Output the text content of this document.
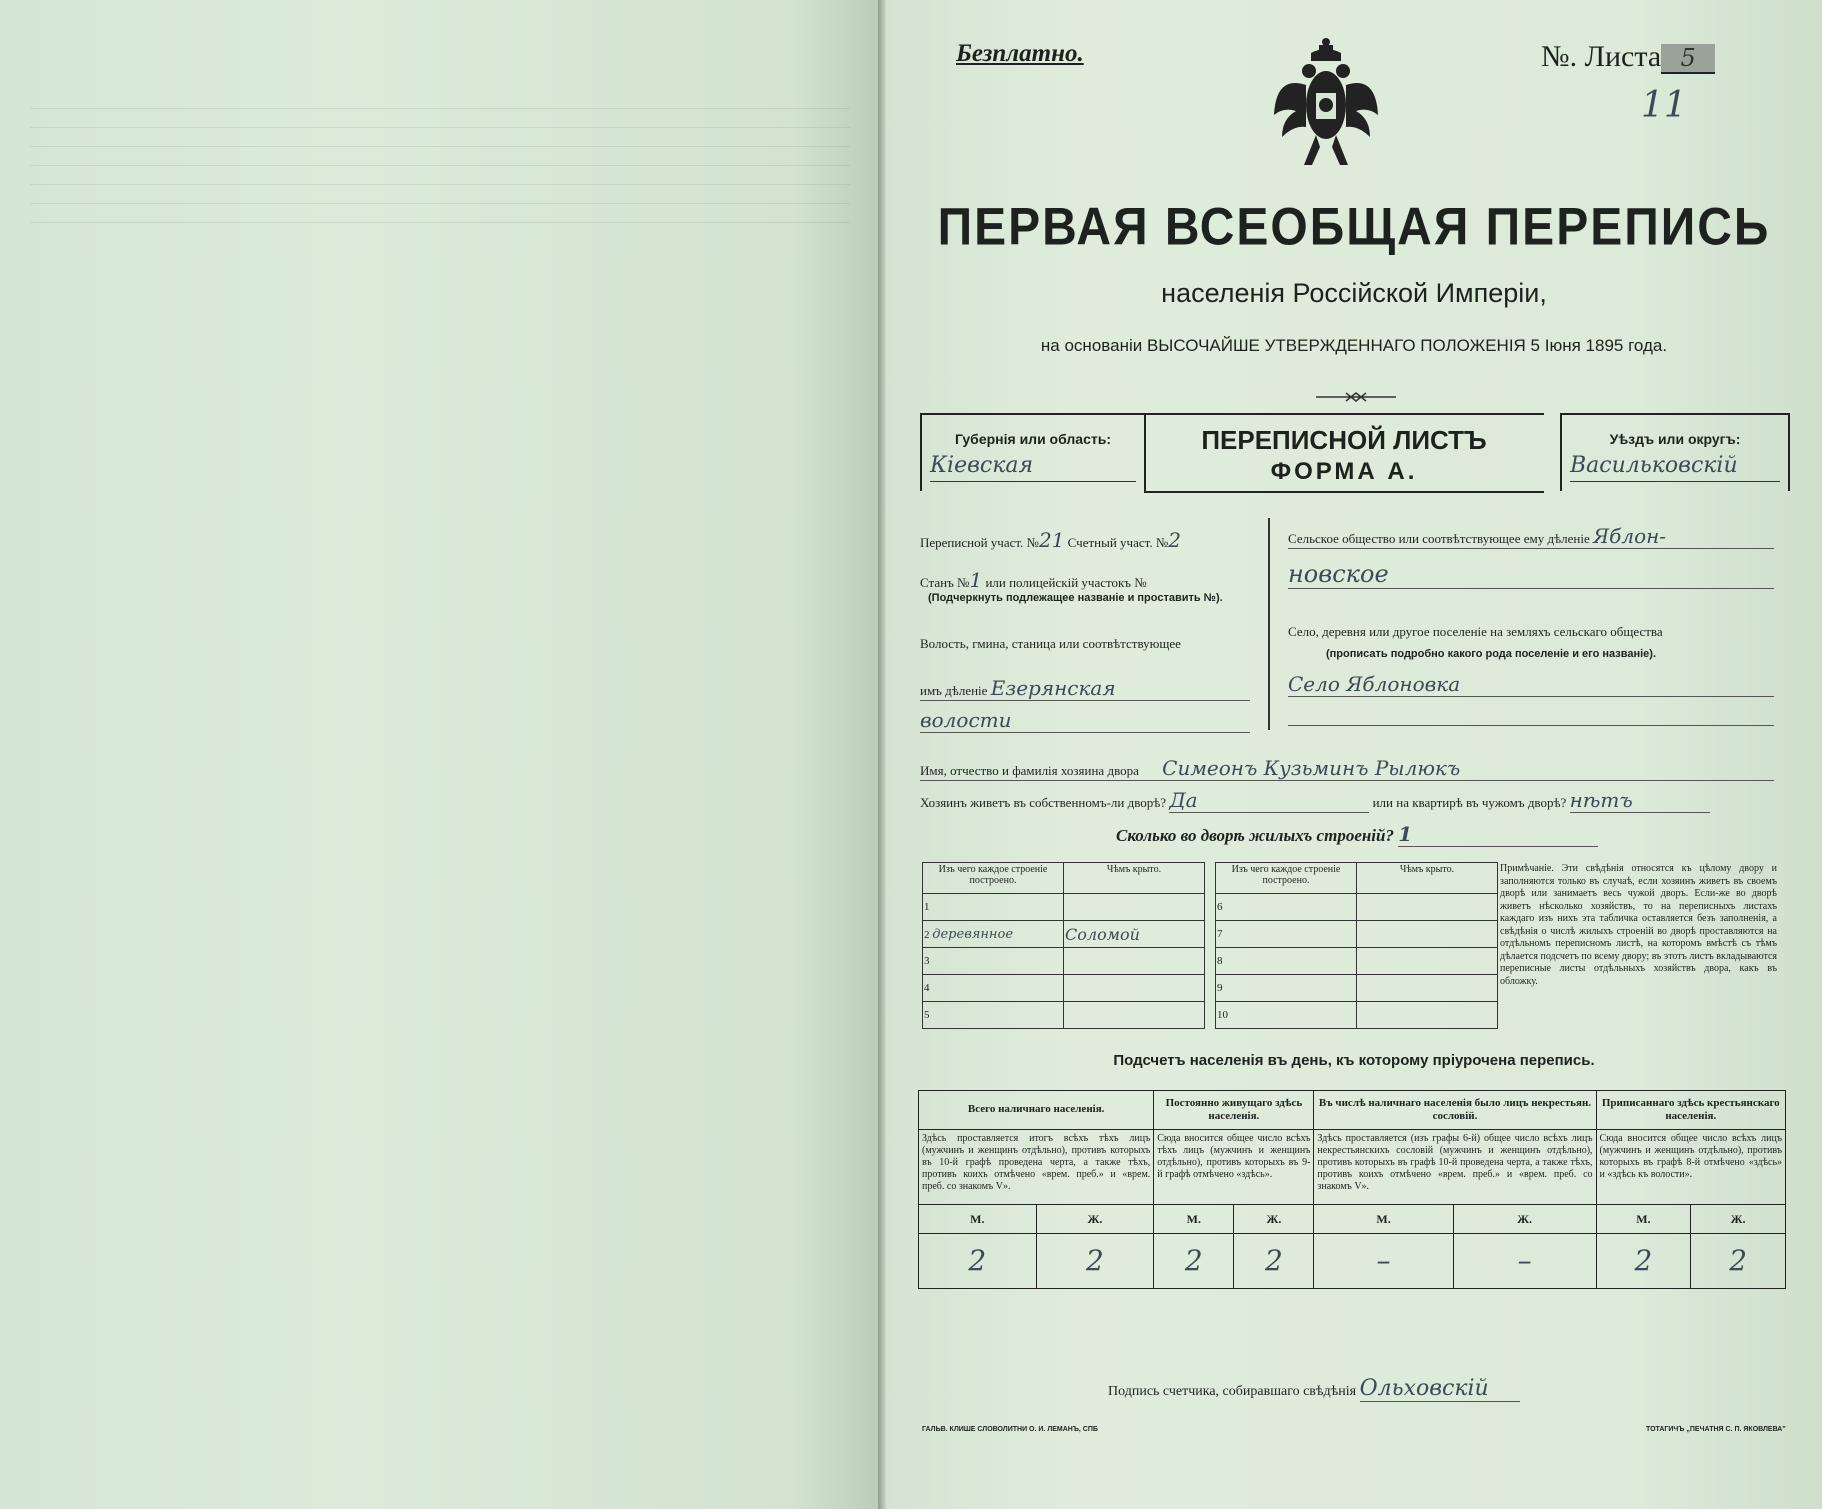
Безплатно.	№. Листа 5
11
ПЕРВАЯ ВСЕОБЩАЯ ПЕРЕПИСЬ
населенія Россійской Имперіи,
на основаніи ВЫСОЧАЙШЕ УТВЕРЖДЕННАГО ПОЛОЖЕНІЯ 5 Іюня 1895 года.
Губернія или область:
Кіевская
ПЕРЕПИСНОЙ ЛИСТЪ
ФОРМА А.
Уѣздъ или округъ:
Васильковскій
Переписной участ. №21 Счетный участ. №2
Станъ №1 или полицейскій участокъ №
(Подчеркнуть подлежащее названіе и проставить №).
Волость, гмина, станица или соотвѣтствующее
имъ дѣленіе Езерянская
волости
Сельское общество или соотвѣтствующее ему дѣленіе Яблон-
новское
Село, деревня или другое поселеніе на земляхъ сельскаго общества
(прописать подробно какого рода поселеніе и его названіе).
Село Яблоновка
Имя, отчество и фамилія хозяина двора Симеонъ Кузьминъ Рылюкъ
Хозяинъ живетъ въ собственномъ-ли дворѣ? Да	или на квартирѣ въ чужомъ дворѣ? нѣтъ
Сколько во дворѣ жилыхъ строеній? 1
Изъ чего каждое строеніе построено.	Чѣмъ крыто.		Изъ чего каждое строеніе построено.	Чѣмъ крыто.
1			6	
2 деревянное	Соломой		7	
3			8	
4			9	
5			10	
Примѣчаніе. Эти свѣдѣнія относятся къ цѣлому двору и заполняются только въ случаѣ, если хозяинъ живетъ въ своемъ дворѣ или занимаетъ весь чужой дворъ. Если-же во дворѣ живетъ нѣсколько хозяйствъ, то на переписныхъ листахъ каждаго изъ нихъ эта табличка оставляется безъ заполненія, а свѣдѣнія о числѣ жилыхъ строеній во дворѣ проставляются на отдѣльномъ переписномъ листѣ, на которомъ вмѣстѣ съ тѣмъ дѣлается подсчетъ по всему двору; въ этотъ листъ вкладываются переписные листы отдѣльныхъ хозяйствъ двора, какъ въ обложку.
Подсчетъ населенія въ день, къ которому пріурочена перепись.
Всего наличнаго населенія.		Постоянно живущаго здѣсь населенія.		Въ числѣ наличнаго населенія было лицъ некрестьян. сословій.		Приписаннаго здѣсь крестьянскаго населенія.	
Здѣсь проставляется итогъ всѣхъ тѣхъ лицъ (мужчинъ и женщинъ отдѣльно), противъ которыхъ въ 10-й графѣ проведена черта, а также тѣхъ, противъ коихъ отмѣчено «врем. преб.» и «врем. преб. со знакомъ V».		Сюда вносится общее число всѣхъ тѣхъ лицъ (мужчинъ и женщинъ отдѣльно), противъ которыхъ въ 9-й графѣ отмѣчено «здѣсь».		Здѣсь проставляется (изъ графы 6-й) общее число всѣхъ лицъ некрестьянскихъ сословій (мужчинъ и женщинъ отдѣльно), противъ которыхъ въ графѣ 10-й проведена черта, а также тѣхъ, противъ коихъ отмѣчено «врем. преб.» и «врем. преб. со знакомъ V».		Сюда вносится общее число всѣхъ лицъ (мужчинъ и женщинъ отдѣльно), противъ которыхъ въ графѣ 8-й отмѣчено «здѣсь» и «здѣсь къ волости».	
М.	Ж.	М.	Ж.	М.	Ж.	М.	Ж.
2	2	2	2	–	–	2	2
Подпись счетчика, собиравшаго свѣдѣнія Ольховскій
ГАЛЬВ. КЛИШЕ СЛОВОЛИТНИ О. И. ЛЕМАНЪ, СПБ	ТОТАГИЧЪ „ПЕЧАТНЯ С. П. ЯКОВЛЕВА"
